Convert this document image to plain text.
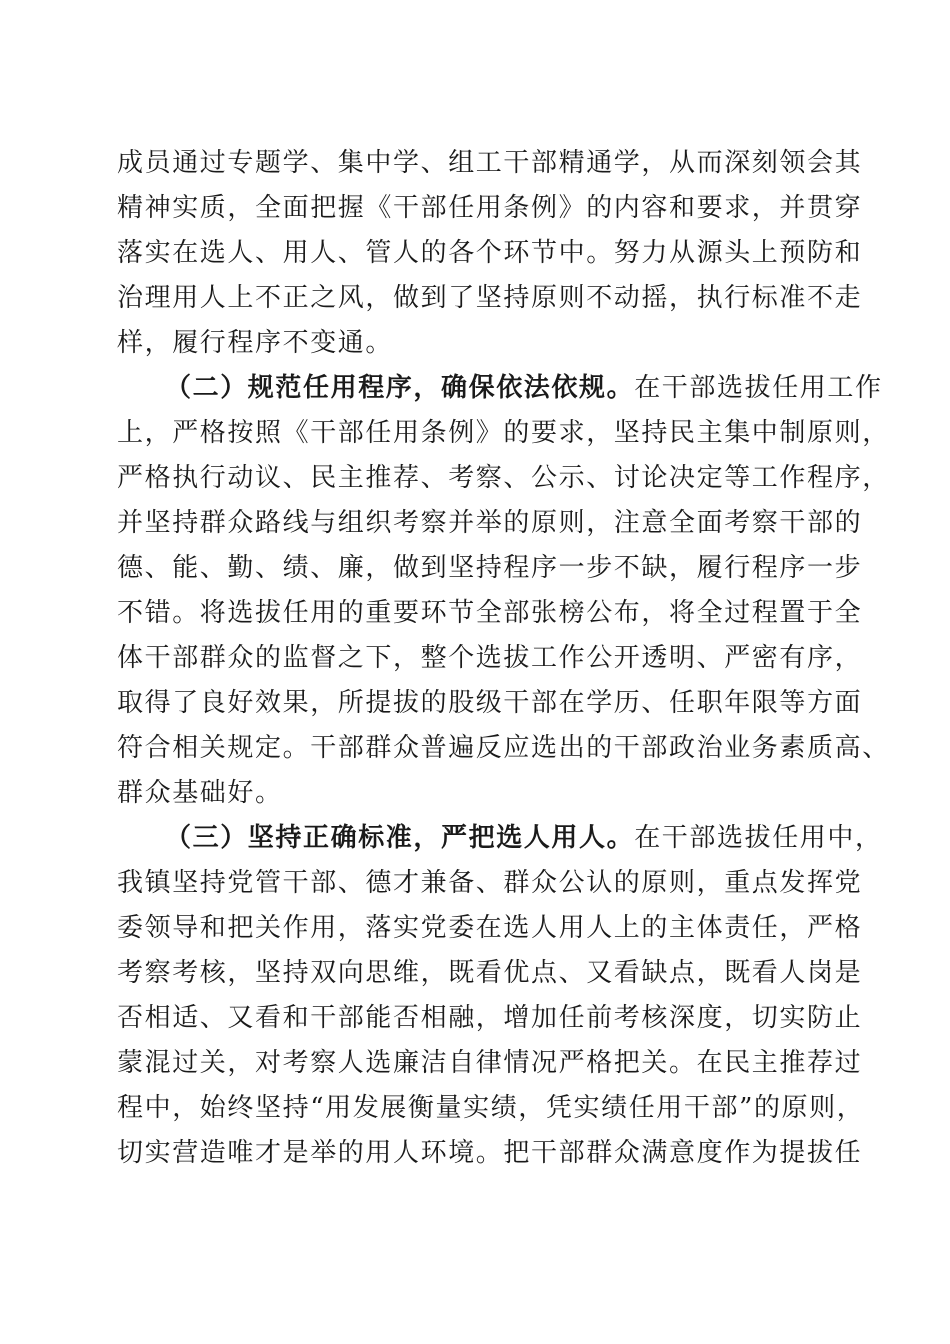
成员通过专题学、集中学、组工干部精通学，从而深刻领会其
精神实质，全面把握《干部任用条例》的内容和要求，并贯穿
落实在选人、用人、管人的各个环节中。努力从源头上预防和
治理用人上不正之风，做到了坚持原则不动摇，执行标准不走
样，履行程序不变通。
（二）规范任用程序，确保依法依规。在干部选拔任用工作
上，严格按照《干部任用条例》的要求，坚持民主集中制原则，
严格执行动议、民主推荐、考察、公示、讨论决定等工作程序，
并坚持群众路线与组织考察并举的原则，注意全面考察干部的
德、能、勤、绩、廉，做到坚持程序一步不缺，履行程序一步
不错。将选拔任用的重要环节全部张榜公布，将全过程置于全
体干部群众的监督之下，整个选拔工作公开透明、严密有序，
取得了良好效果，所提拔的股级干部在学历、任职年限等方面
符合相关规定。干部群众普遍反应选出的干部政治业务素质高、
群众基础好。
（三）坚持正确标准，严把选人用人。在干部选拔任用中，
我镇坚持党管干部、德才兼备、群众公认的原则，重点发挥党
委领导和把关作用，落实党委在选人用人上的主体责任，严格
考察考核，坚持双向思维，既看优点、又看缺点，既看人岗是
否相适、又看和干部能否相融，增加任前考核深度，切实防止
蒙混过关，对考察人选廉洁自律情况严格把关。在民主推荐过
程中，始终坚持“用发展衡量实绩，凭实绩任用干部”的原则，
切实营造唯才是举的用人环境。把干部群众满意度作为提拔任
